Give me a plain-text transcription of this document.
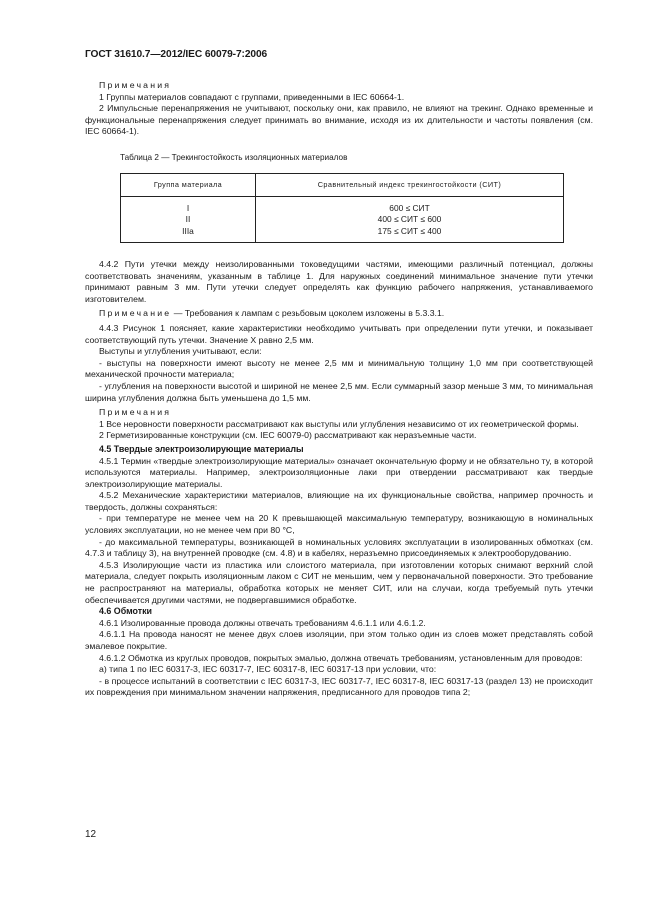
ГОСТ 31610.7—2012/IEC 60079-7:2006

Примечания

1 Группы материалов совпадают с группами, приведенными в IEC 60664-1.

2 Импульсные перенапряжения не учитывают, поскольку они, как правило, не влияют на трекинг. Однако временные и функциональные перенапряжения следует принимать во внимание, исходя из их длительности и частоты появления (см. IEC 60664-1).

Таблица 2 — Трекингостойкость изоляционных материалов
Группа материала	Сравнительный индекс трекингостойкости (СИТ)
I
II
IIIa
600 ≤ СИТ
400 ≤ СИТ ≤ 600
175 ≤ СИТ ≤ 400

4.4.2 Пути утечки между неизолированными токоведущими частями, имеющими различный потенциал, должны соответствовать значениям, указанным в таблице 1. Для наружных соединений минимальное значение пути утечки принимают равным 3 мм. Пути утечки следует определять как функцию рабочего напряжения, устанавливаемого изготовителем.

Примечание — Требования к лампам с резьбовым цоколем изложены в 5.3.3.1.

4.4.3 Рисунок 1 поясняет, какие характеристики необходимо учитывать при определении пути утечки, и показывает соответствующий путь утечки. Значение X равно 2,5 мм.

Выступы и углубления учитывают, если:

- выступы на поверхности имеют высоту не менее 2,5 мм и минимальную толщину 1,0 мм при соответствующей механической прочности материала;

- углубления на поверхности высотой и шириной не менее 2,5 мм. Если суммарный зазор меньше 3 мм, то минимальная ширина углубления должна быть уменьшена до 1,5 мм.

Примечания

1 Все неровности поверхности рассматривают как выступы или углубления независимо от их геометрической формы.

2 Герметизированные конструкции (см. IEC 60079-0) рассматривают как неразъемные части.

4.5 Твердые электроизолирующие материалы

4.5.1 Термин «твердые электроизолирующие материалы» означает окончательную форму и не обязательно ту, в которой используются материалы. Например, электроизоляционные лаки при отвердении рассматривают как твердые электроизолирующие материалы.

4.5.2 Механические характеристики материалов, влияющие на их функциональные свойства, например прочность и твердость, должны сохраняться:

- при температуре не менее чем на 20 К превышающей максимальную температуру, возникающую в номинальных условиях эксплуатации, но не менее чем при 80 °С,

- до максимальной температуры, возникающей в номинальных условиях эксплуатации в изолированных обмотках (см. 4.7.3 и таблицу 3), на внутренней проводке (см. 4.8) и в кабелях, неразъемно присоединяемых к электрооборудованию.

4.5.3 Изолирующие части из пластика или слоистого материала, при изготовлении которых снимают верхний слой материала, следует покрыть изоляционным лаком с СИТ не меньшим, чем у первоначальной поверхности. Это требование не распространяют на материалы, обработка которых не меняет СИТ, или на случаи, когда требуемый путь утечки обеспечивается другими частями, не подвергавшимися обработке.

4.6 Обмотки

4.6.1 Изолированные провода должны отвечать требованиям 4.6.1.1 или 4.6.1.2.

4.6.1.1 На провода наносят не менее двух слоев изоляции, при этом только один из слоев может представлять собой эмалевое покрытие.

4.6.1.2 Обмотка из круглых проводов, покрытых эмалью, должна отвечать требованиям, установленным для проводов:

а) типа 1 по IEC 60317-3, IEC 60317-7, IEC 60317-8, IEC 60317-13 при условии, что:

- в процессе испытаний в соответствии с IEC 60317-3, IEC 60317-7, IEC 60317-8, IEC 60317-13 (раздел 13) не происходит их повреждения при минимальном значении напряжения, предписанного для проводов типа 2;

12
